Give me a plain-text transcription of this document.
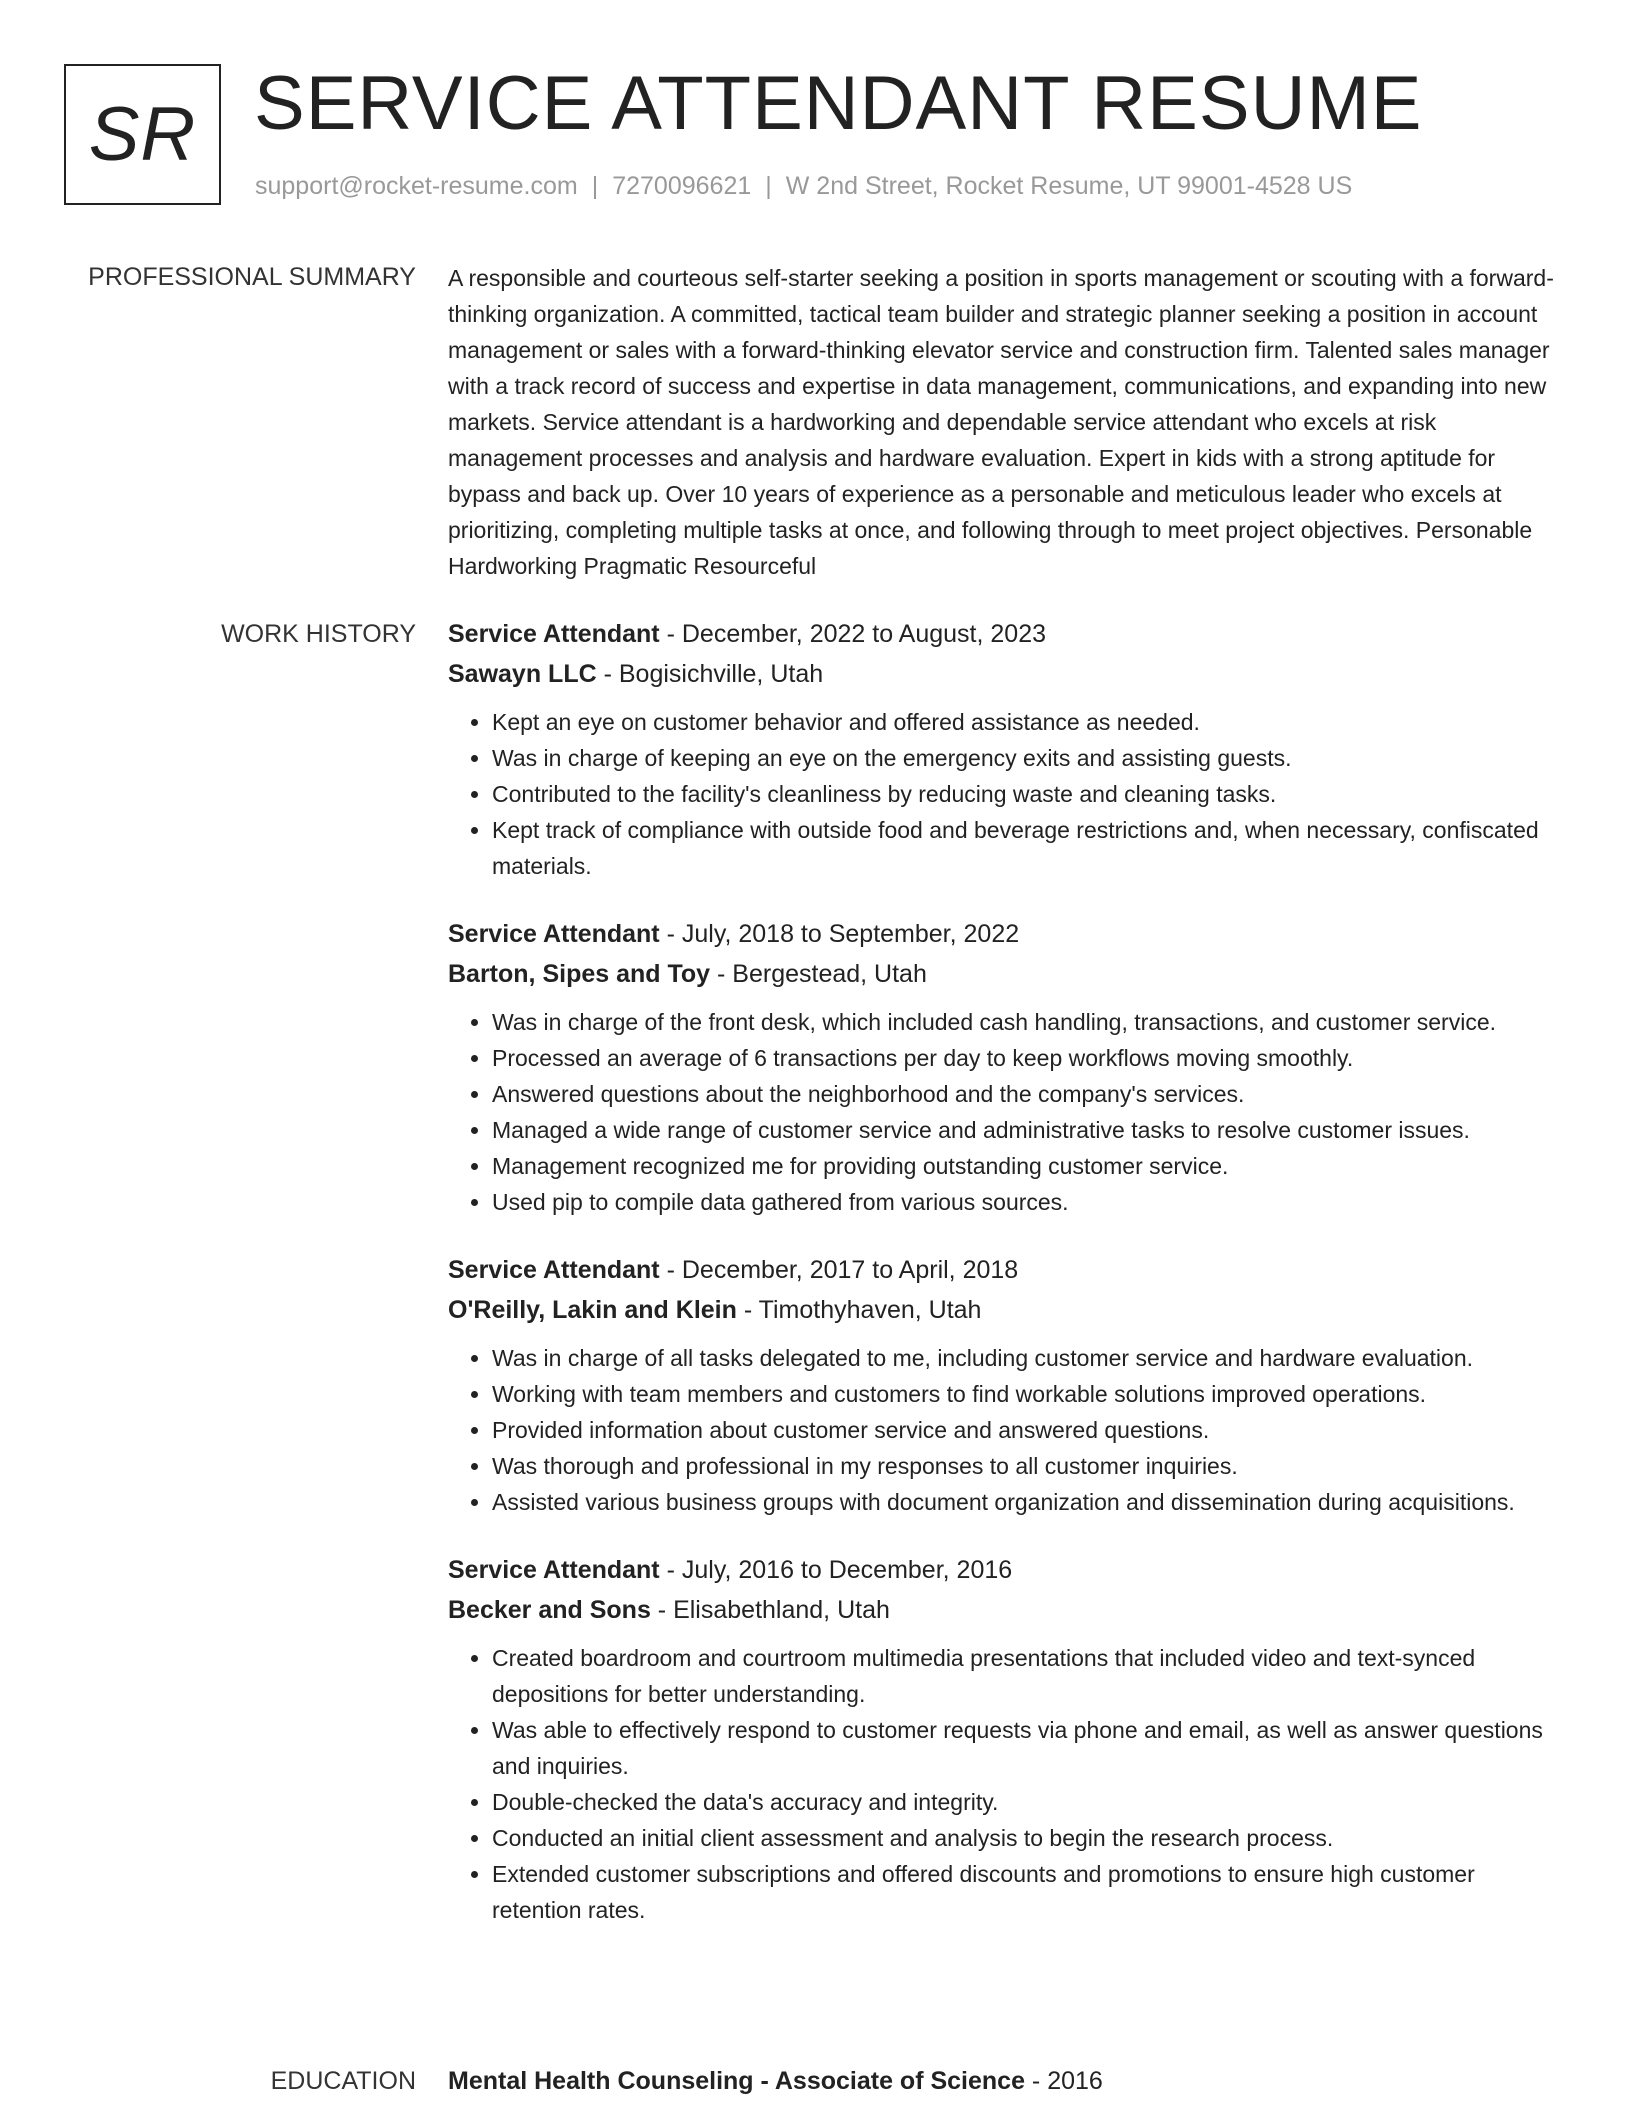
SR SERVICE ATTENDANT RESUME
support@rocket-resume.com | 7270096621 | W 2nd Street, Rocket Resume, UT 99001-4528 US
PROFESSIONAL SUMMARY A responsible and courteous self-starter seeking a position in sports management or scouting with a forward-thinking organization. A committed, tactical team builder and strategic planner seeking a position in account management or sales with a forward-thinking elevator service and construction firm. Talented sales manager with a track record of success and expertise in data management, communications, and expanding into new markets. Service attendant is a hardworking and dependable service attendant who excels at risk management processes and analysis and hardware evaluation. Expert in kids with a strong aptitude for bypass and back up. Over 10 years of experience as a personable and meticulous leader who excels at prioritizing, completing multiple tasks at once, and following through to meet project objectives. Personable Hardworking Pragmatic Resourceful

WORK HISTORY Service Attendant - December, 2022 to August, 2023
Sawayn LLC - Bogisichville, Utah
• Kept an eye on customer behavior and offered assistance as needed.
• Was in charge of keeping an eye on the emergency exits and assisting guests.
• Contributed to the facility's cleanliness by reducing waste and cleaning tasks.
• Kept track of compliance with outside food and beverage restrictions and, when necessary, confiscated materials.
Service Attendant - July, 2018 to September, 2022
Barton, Sipes and Toy - Bergestead, Utah
• Was in charge of the front desk, which included cash handling, transactions, and customer service.
• Processed an average of 6 transactions per day to keep workflows moving smoothly.
• Answered questions about the neighborhood and the company's services.
• Managed a wide range of customer service and administrative tasks to resolve customer issues.
• Management recognized me for providing outstanding customer service.
• Used pip to compile data gathered from various sources.
Service Attendant - December, 2017 to April, 2018
O'Reilly, Lakin and Klein - Timothyhaven, Utah
• Was in charge of all tasks delegated to me, including customer service and hardware evaluation.
• Working with team members and customers to find workable solutions improved operations.
• Provided information about customer service and answered questions.
• Was thorough and professional in my responses to all customer inquiries.
• Assisted various business groups with document organization and dissemination during acquisitions.
Service Attendant - July, 2016 to December, 2016
Becker and Sons - Elisabethland, Utah
• Created boardroom and courtroom multimedia presentations that included video and text-synced depositions for better understanding.
• Was able to effectively respond to customer requests via phone and email, as well as answer questions and inquiries.
• Double-checked the data's accuracy and integrity.
• Conducted an initial client assessment and analysis to begin the research process.
• Extended customer subscriptions and offered discounts and promotions to ensure high customer retention rates.
EDUCATION Mental Health Counseling - Associate of Science - 2016
